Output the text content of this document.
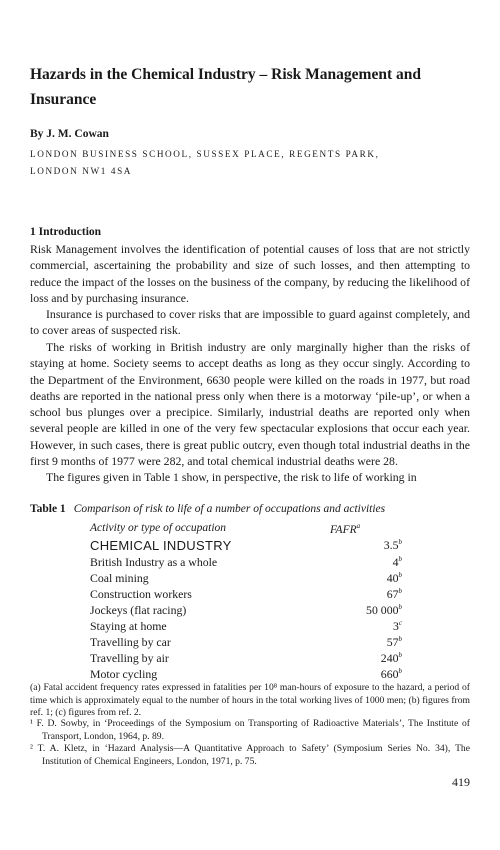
Hazards in the Chemical Industry – Risk Management and Insurance
By J. M. Cowan
LONDON BUSINESS SCHOOL, SUSSEX PLACE, REGENTS PARK,
LONDON NW1 4SA
1 Introduction

Risk Management involves the identification of potential causes of loss that are not strictly commercial, ascertaining the probability and size of such losses, and then attempting to reduce the impact of the losses on the business of the company, by reducing the likelihood of loss and by purchasing insurance.

Insurance is purchased to cover risks that are impossible to guard against completely, and to cover areas of suspected risk.

The risks of working in British industry are only marginally higher than the risks of staying at home. Society seems to accept deaths as long as they occur singly. According to the Department of the Environment, 6630 people were killed on the roads in 1977, but road deaths are reported in the national press only when there is a motorway ‘pile-up’, or when a school bus plunges over a precipice. Similarly, industrial deaths are reported only when several people are killed in one of the very few spectacular explosions that occur each year. However, in such cases, there is great public outcry, even though total industrial deaths in the first 9 months of 1977 were 282, and total chemical industrial deaths were 28.

The figures given in Table 1 show, in perspective, the risk to life of working in

Table 1 Comparison of risk to life of a number of occupations and activities
Activity or type of occupation	FAFR$^a$
CHEMICAL INDUSTRY	3.5$^b$
British Industry as a whole	4$^b$
Coal mining	40$^b$
Construction workers	67$^b$
Jockeys (flat racing)	50 000$^b$
Staying at home	3$^c$
Travelling by car	57$^b$
Travelling by air	240$^b$
Motor cycling	660$^b$
(a) Fatal accident frequency rates expressed in fatalities per 10⁸ man-hours of exposure to the hazard, a period of time which is approximately equal to the number of hours in the total working lives of 1000 men; (b) figures from ref. 1; (c) figures from ref. 2.
¹ F. D. Sowby, in ‘Proceedings of the Symposium on Transporting of Radioactive Materials’, The Institute of Transport, London, 1964, p. 89.
² T. A. Kletz, in ‘Hazard Analysis—A Quantitative Approach to Safety’ (Symposium Series No. 34), The Institution of Chemical Engineers, London, 1971, p. 75.
419
